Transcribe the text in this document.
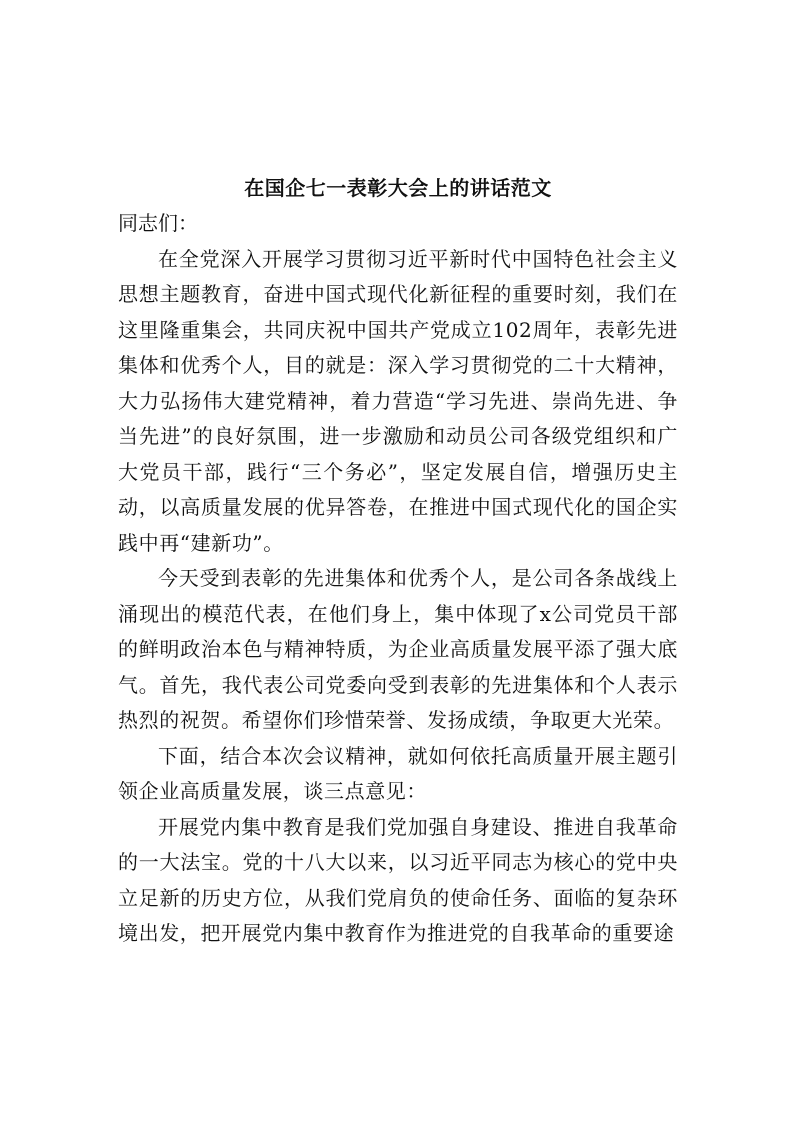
在国企七一表彰大会上的讲话范文

同志们：

在全党深入开展学习贯彻习近平新时代中国特色社会主义思想主题教育，奋进中国式现代化新征程的重要时刻，我们在这里隆重集会，共同庆祝中国共产党成立102周年，表彰先进集体和优秀个人，目的就是：深入学习贯彻党的二十大精神，大力弘扬伟大建党精神，着力营造“学习先进、崇尚先进、争当先进”的良好氛围，进一步激励和动员公司各级党组织和广大党员干部，践行“三个务必”，坚定发展自信，增强历史主动，以高质量发展的优异答卷，在推进中国式现代化的国企实践中再“建新功”。

今天受到表彰的先进集体和优秀个人，是公司各条战线上涌现出的模范代表，在他们身上，集中体现了x公司党员干部的鲜明政治本色与精神特质，为企业高质量发展平添了强大底气。首先，我代表公司党委向受到表彰的先进集体和个人表示热烈的祝贺。希望你们珍惜荣誉、发扬成绩，争取更大光荣。

下面，结合本次会议精神，就如何依托高质量开展主题引领企业高质量发展，谈三点意见：

开展党内集中教育是我们党加强自身建设、推进自我革命的一大法宝。党的十八大以来，以习近平同志为核心的党中央立足新的历史方位，从我们党肩负的使命任务、面临的复杂环境出发，把开展党内集中教育作为推进党的自我革命的重要途
